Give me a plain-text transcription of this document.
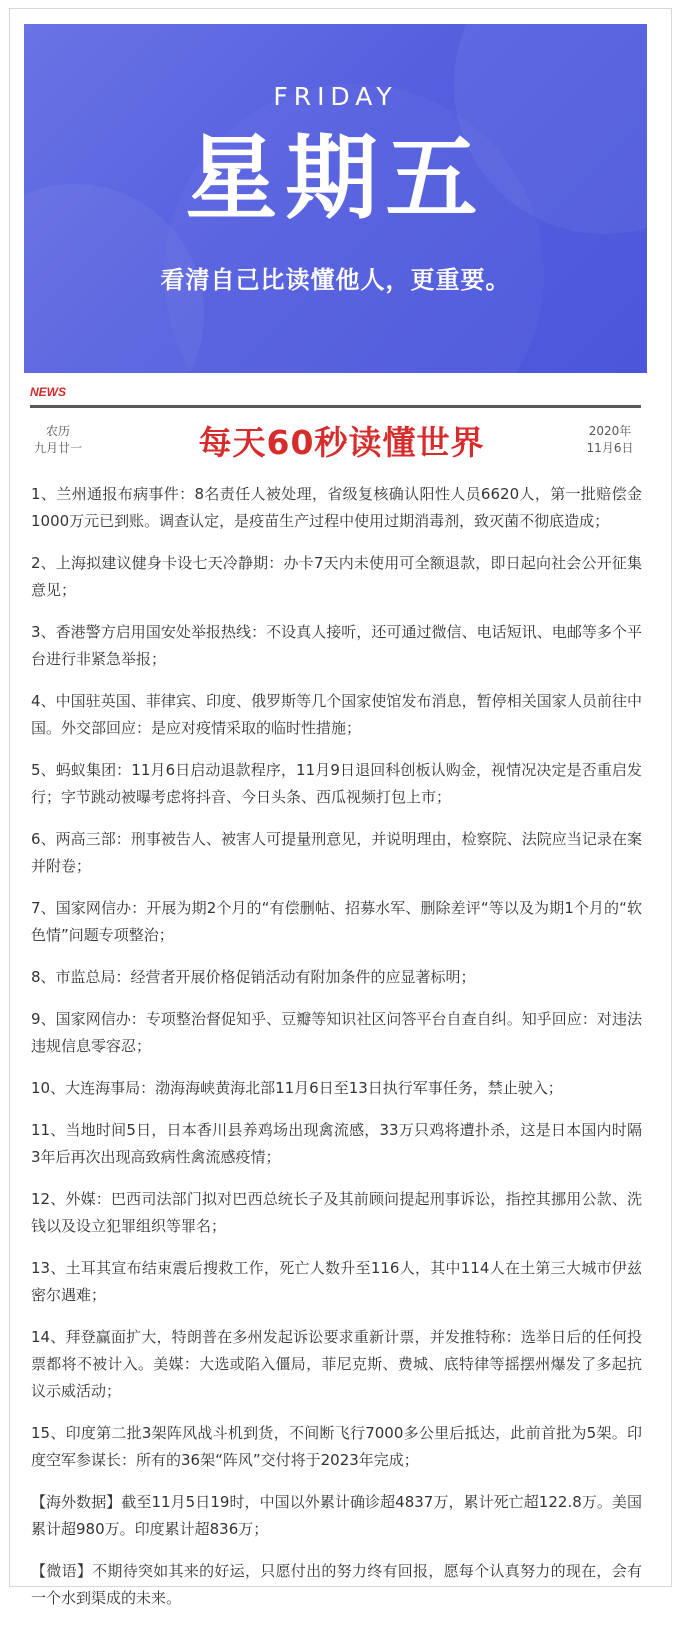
FRIDAY
星期五
看清自己比读懂他人，更重要。
NEWS
农历
九月廿一	每天60秒读懂世界	2020年
11月6日

1、兰州通报布病事件：8名责任人被处理，省级复核确认阳性人员6620人，第一批赔偿金1000万元已到账。调查认定，是疫苗生产过程中使用过期消毒剂，致灭菌不彻底造成；

2、上海拟建议健身卡设七天冷静期：办卡7天内未使用可全额退款，即日起向社会公开征集意见；

3、香港警方启用国安处举报热线：不设真人接听，还可通过微信、电话短讯、电邮等多个平台进行非紧急举报；

4、中国驻英国、菲律宾、印度、俄罗斯等几个国家使馆发布消息，暂停相关国家人员前往中国。外交部回应：是应对疫情采取的临时性措施；

5、蚂蚁集团：11月6日启动退款程序，11月9日退回科创板认购金，视情况决定是否重启发行；字节跳动被曝考虑将抖音、今日头条、西瓜视频打包上市；

6、两高三部：刑事被告人、被害人可提量刑意见，并说明理由，检察院、法院应当记录在案并附卷；

7、国家网信办：开展为期2个月的“有偿删帖、招募水军、删除差评“等以及为期1个月的“软色情”问题专项整治；

8、市监总局：经营者开展价格促销活动有附加条件的应显著标明；

9、国家网信办：专项整治督促知乎、豆瓣等知识社区问答平台自查自纠。知乎回应：对违法违规信息零容忍；

10、大连海事局：渤海海峡黄海北部11月6日至13日执行军事任务，禁止驶入；

11、当地时间5日，日本香川县养鸡场出现禽流感，33万只鸡将遭扑杀，这是日本国内时隔3年后再次出现高致病性禽流感疫情；

12、外媒：巴西司法部门拟对巴西总统长子及其前顾问提起刑事诉讼，指控其挪用公款、洗钱以及设立犯罪组织等罪名；

13、土耳其宣布结束震后搜救工作，死亡人数升至116人，其中114人在土第三大城市伊兹密尔遇难；

14、拜登赢面扩大，特朗普在多州发起诉讼要求重新计票，并发推特称：选举日后的任何投票都将不被计入。美媒：大选或陷入僵局，菲尼克斯、费城、底特律等摇摆州爆发了多起抗议示威活动；

15、印度第二批3架阵风战斗机到货，不间断飞行7000多公里后抵达，此前首批为5架。印度空军参谋长：所有的36架“阵风”交付将于2023年完成；

【海外数据】截至11月5日19时，中国以外累计确诊超4837万，累计死亡超122.8万。美国累计超980万。印度累计超836万；

【微语】不期待突如其来的好运，只愿付出的努力终有回报，愿每个认真努力的现在，会有一个水到渠成的未来。
